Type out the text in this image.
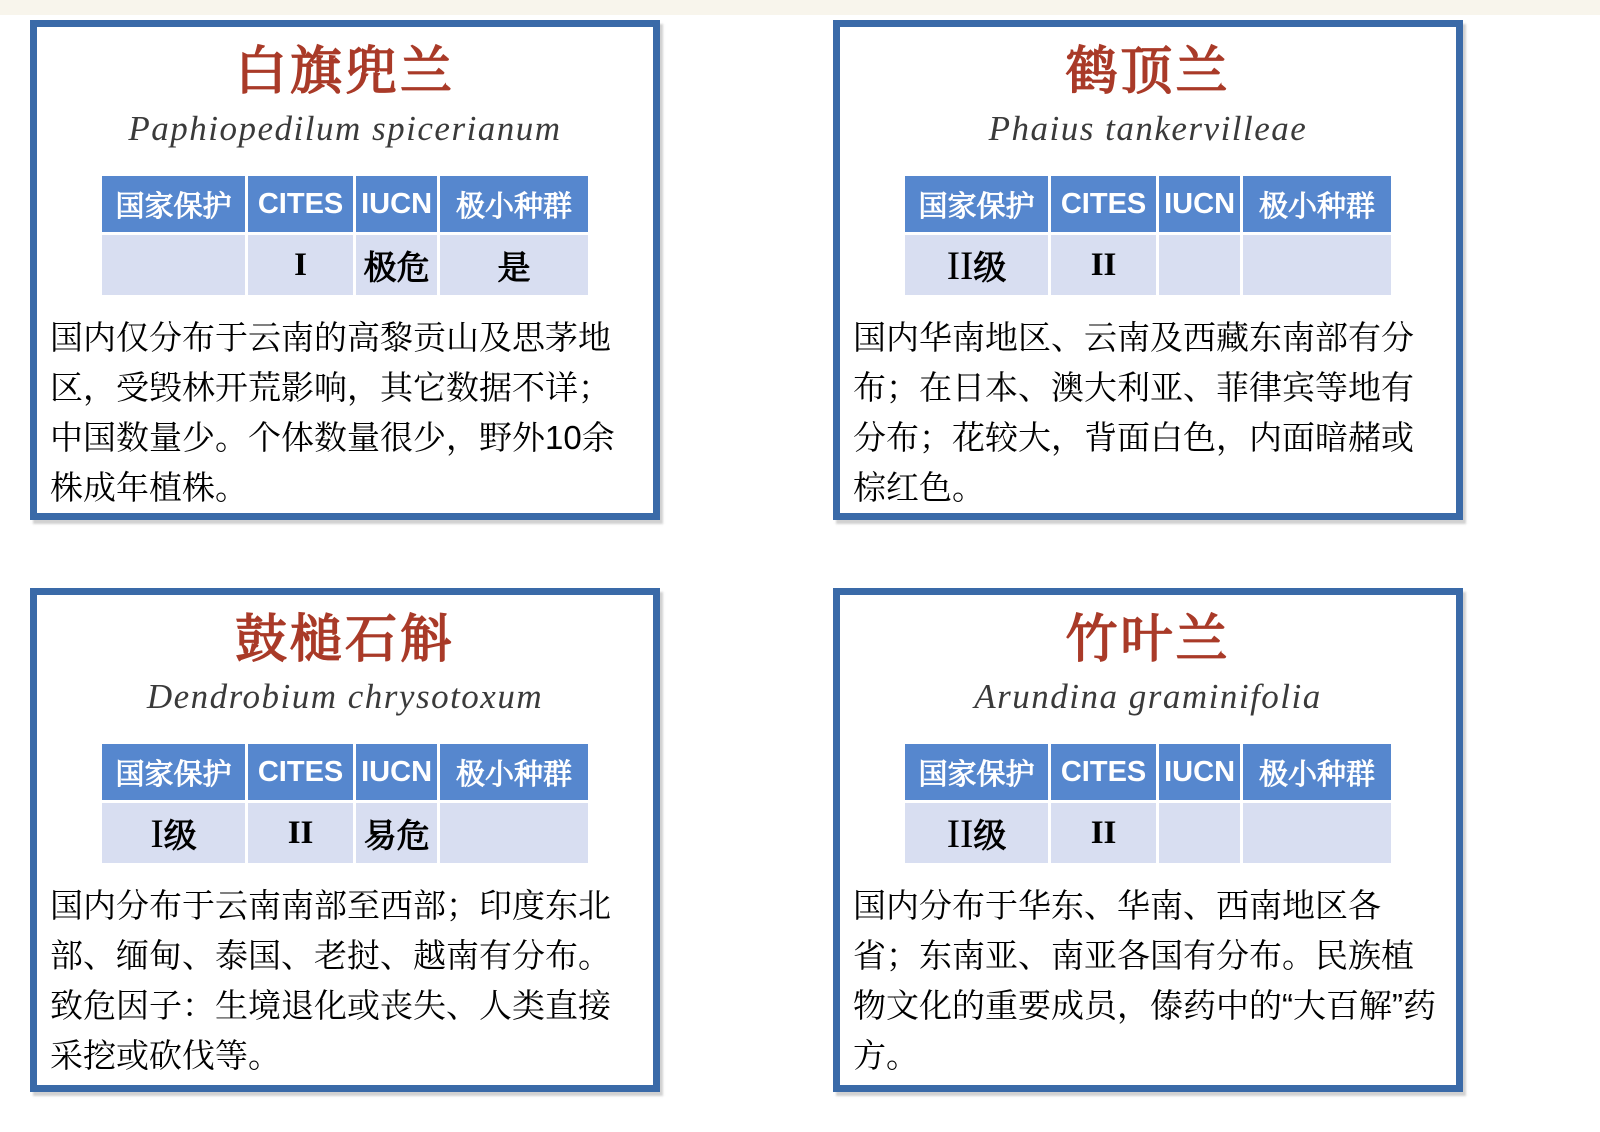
白旗兜兰
Paphiopedilum spicerianum
国家保护	CITES	IUCN	极小种群
	I	极危	是

国内仅分布于云南的高黎贡山及思茅地区，受毁林开荒影响，其它数据不详；中国数量少。个体数量很少，野外10余株成年植株。

鹤顶兰
Phaius tankervilleae
国家保护	CITES	IUCN	极小种群
II级	II		

国内华南地区、云南及西藏东南部有分布；在日本、澳大利亚、菲律宾等地有分布；花较大，背面白色，内面暗赭或棕红色。

鼓槌石斛
Dendrobium chrysotoxum
国家保护	CITES	IUCN	极小种群
I级	II	易危	

国内分布于云南南部至西部；印度东北部、缅甸、泰国、老挝、越南有分布。致危因子：生境退化或丧失、人类直接采挖或砍伐等。

竹叶兰
Arundina graminifolia
国家保护	CITES	IUCN	极小种群
II级	II		

国内分布于华东、华南、西南地区各省；东南亚、南亚各国有分布。民族植物文化的重要成员，傣药中的“大百解”药方。
